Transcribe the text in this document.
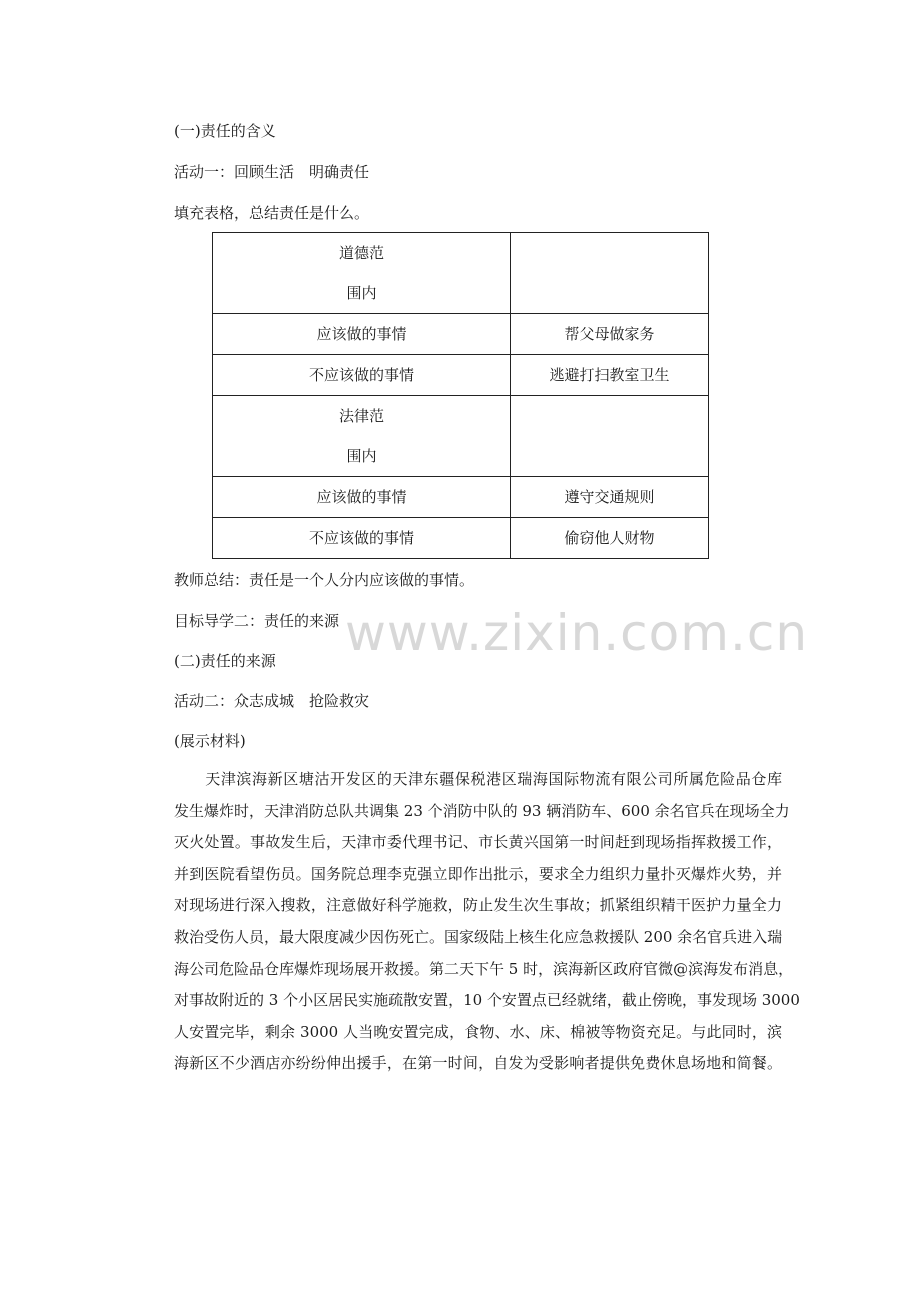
(一)责任的含义
活动一：回顾生活　明确责任
填充表格，总结责任是什么。
道德范
围内	

应该做的事情	帮父母做家务
不应该做的事情	逃避打扫教室卫生

法律范
围内	

应该做的事情	遵守交通规则
不应该做的事情	偷窃他人财物
教师总结：责任是一个人分内应该做的事情。
目标导学二：责任的来源
(二)责任的来源
活动二：众志成城　抢险救灾
(展示材料)
　　天津滨海新区塘沽开发区的天津东疆保税港区瑞海国际物流有限公司所属危险品仓库
发生爆炸时，天津消防总队共调集 23 个消防中队的 93 辆消防车、600 余名官兵在现场全力
灭火处置。事故发生后，天津市委代理书记、市长黄兴国第一时间赶到现场指挥救援工作，
并到医院看望伤员。国务院总理李克强立即作出批示，要求全力组织力量扑灭爆炸火势，并
对现场进行深入搜救，注意做好科学施救，防止发生次生事故；抓紧组织精干医护力量全力
救治受伤人员，最大限度减少因伤死亡。国家级陆上核生化应急救援队 200 余名官兵进入瑞
海公司危险品仓库爆炸现场展开救援。第二天下午 5 时，滨海新区政府官微@滨海发布消息，
对事故附近的 3 个小区居民实施疏散安置，10 个安置点已经就绪，截止傍晚，事发现场 3000
人安置完毕，剩余 3000 人当晚安置完成，食物、水、床、棉被等物资充足。与此同时，滨
海新区不少酒店亦纷纷伸出援手，在第一时间，自发为受影响者提供免费休息场地和简餐。
www.zixin.com.cn
